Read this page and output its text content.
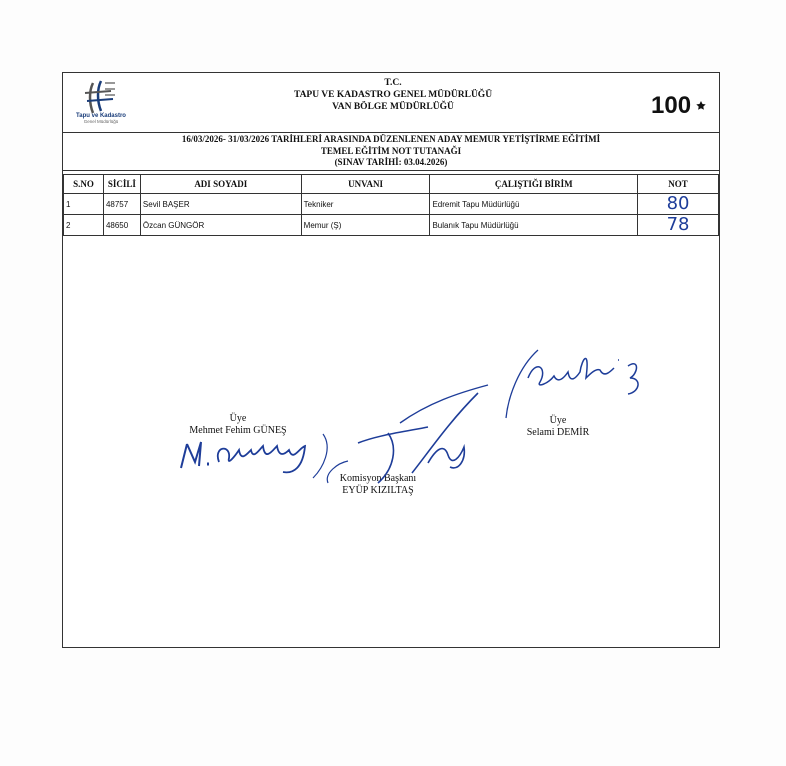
Tapu ve Kadastro
Genel Müdürlüğü
T.C.
TAPU VE KADASTRO GENEL MÜDÜRLÜĞÜ
VAN BÖLGE MÜDÜRLÜĞÜ	100
16/03/2026- 31/03/2026 TARİHLERİ ARASINDA DÜZENLENEN ADAY MEMUR YETİŞTİRME EĞİTİMİ
TEMEL EĞİTİM NOT TUTANAĞI
(SINAV TARİHİ: 03.04.2026)
S.NO	SİCİLİ	ADI SOYADI	UNVANI	ÇALIŞTIĞI BİRİM	NOT
1	48757	Sevil BAŞER	Tekniker	Edremit Tapu Müdürlüğü	80
2	48650	Özcan GÜNGÖR	Memur (Ş)	Bulanık Tapu Müdürlüğü	78
Üye
Mehmet Fehim GÜNEŞ
Üye
Selami DEMİR
Komisyon Başkanı
EYÜP KIZILTAŞ
